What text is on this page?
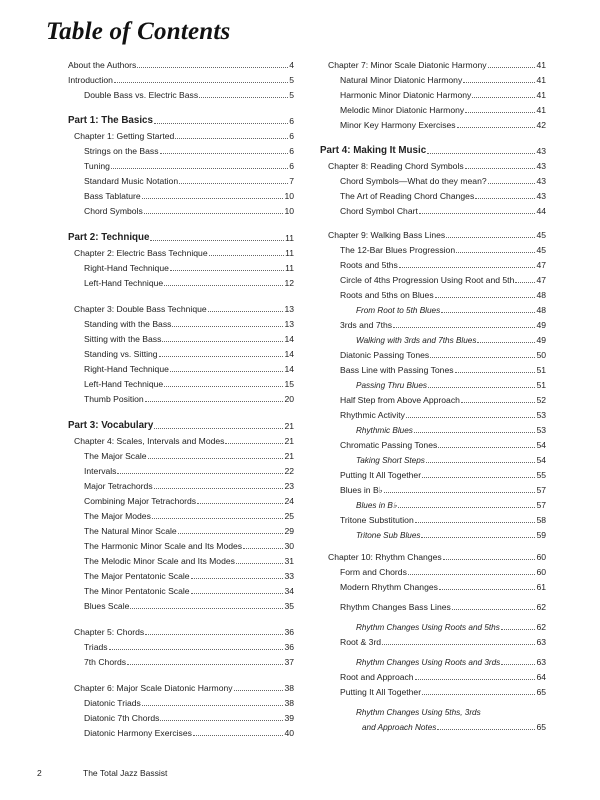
Table of Contents
About the Authors	4
Introduction	5
Double Bass vs. Electric Bass	5
Part 1: The Basics	6
Chapter 1: Getting Started	6
Strings on the Bass	6
Tuning	6
Standard Music Notation	7
Bass Tablature	10
Chord Symbols	10
Part 2: Technique	11
Chapter 2: Electric Bass Technique	11
Right-Hand Technique	11
Left-Hand Technique	12
Chapter 3: Double Bass Technique	13
Standing with the Bass	13
Sitting with the Bass	14
Standing vs. Sitting	14
Right-Hand Technique	14
Left-Hand Technique	15
Thumb Position	20
Part 3: Vocabulary	21
Chapter 4: Scales, Intervals and Modes	21
The Major Scale	21
Intervals	22
Major Tetrachords	23
Combining Major Tetrachords	24
The Major Modes	25
The Natural Minor Scale	29
The Harmonic Minor Scale and Its Modes	30
The Melodic Minor Scale and Its Modes	31
The Major Pentatonic Scale	33
The Minor Pentatonic Scale	34
Blues Scale	35
Chapter 5: Chords	36
Triads	36
7th Chords	37
Chapter 6: Major Scale Diatonic Harmony	38
Diatonic Triads	38
Diatonic 7th Chords	39
Diatonic Harmony Exercises	40
Chapter 7: Minor Scale Diatonic Harmony	41
Natural Minor Diatonic Harmony	41
Harmonic Minor Diatonic Harmony	41
Melodic Minor Diatonic Harmony	41
Minor Key Harmony Exercises	42
Part 4: Making It Music	43
Chapter 8: Reading Chord Symbols	43
Chord Symbols—What do they mean?	43
The Art of Reading Chord Changes	43
Chord Symbol Chart	44
Chapter 9: Walking Bass Lines	45
The 12-Bar Blues Progression	45
Roots and 5ths	47
Circle of 4ths Progression Using Root and 5th	47
Roots and 5ths on Blues	48
From Root to 5th Blues	48
3rds and 7ths	49
Walking with 3rds and 7ths Blues	49
Diatonic Passing Tones	50
Bass Line with Passing Tones	51
Passing Thru Blues	51
Half Step from Above Approach	52
Rhythmic Activity	53
Rhythmic Blues	53
Chromatic Passing Tones	54
Taking Short Steps	54
Putting It All Together	55
Blues in B♭	57
Blues in B♭	57
Tritone Substitution	58
Tritone Sub Blues	59
Chapter 10: Rhythm Changes	60
Form and Chords	60
Modern Rhythm Changes	61
Rhythm Changes Bass Lines	62
Rhythm Changes Using Roots and 5ths	62
Root & 3rd	63
Rhythm Changes Using Roots and 3rds	63
Root and Approach	64
Putting It All Together	65
Rhythm Changes Using 5ths, 3rds
and Approach Notes	65
2	The Total Jazz Bassist
